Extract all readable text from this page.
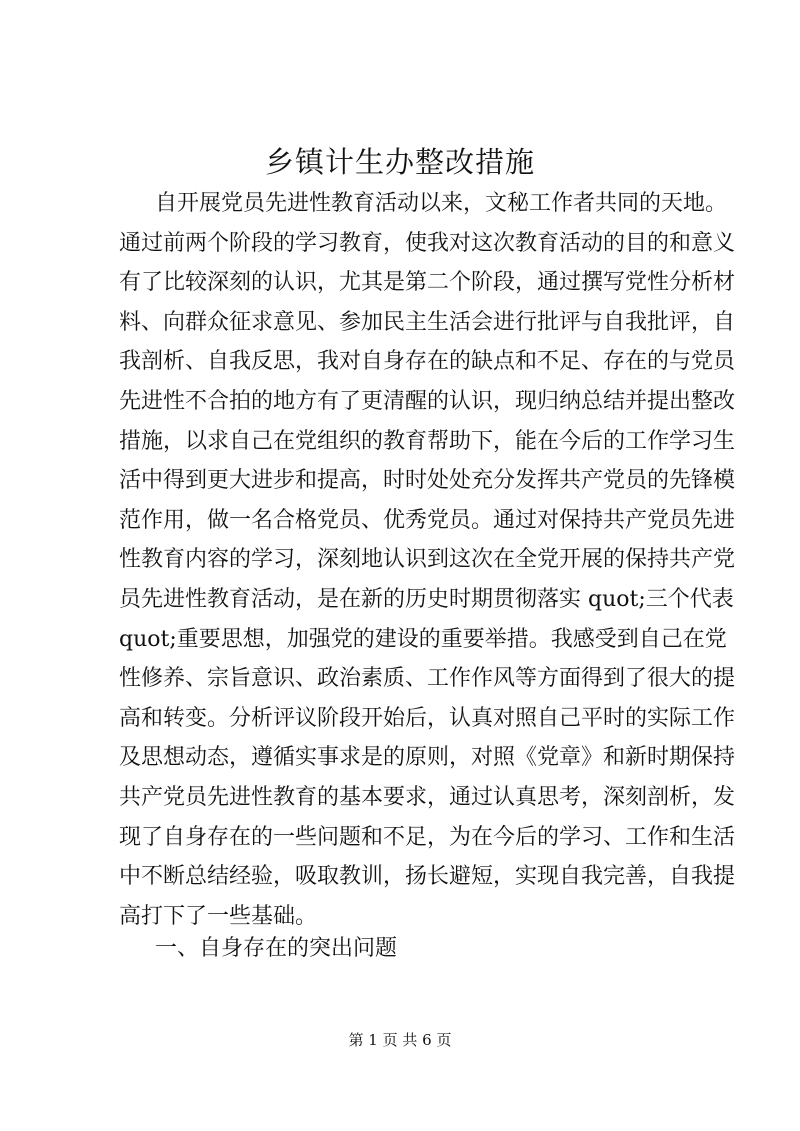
乡镇计生办整改措施
自开展党员先进性教育活动以来，文秘工作者共同的天地。
通过前两个阶段的学习教育，使我对这次教育活动的目的和意义
有了比较深刻的认识，尤其是第二个阶段，通过撰写党性分析材
料、向群众征求意见、参加民主生活会进行批评与自我批评，自
我剖析、自我反思，我对自身存在的缺点和不足、存在的与党员
先进性不合拍的地方有了更清醒的认识，现归纳总结并提出整改
措施，以求自己在党组织的教育帮助下，能在今后的工作学习生
活中得到更大进步和提高，时时处处充分发挥共产党员的先锋模
范作用，做一名合格党员、优秀党员。通过对保持共产党员先进
性教育内容的学习，深刻地认识到这次在全党开展的保持共产党
员先进性教育活动，是在新的历史时期贯彻落实 quot;三个代表
quot;重要思想，加强党的建设的重要举措。我感受到自己在党
性修养、宗旨意识、政治素质、工作作风等方面得到了很大的提
高和转变。分析评议阶段开始后，认真对照自己平时的实际工作
及思想动态，遵循实事求是的原则，对照《党章》和新时期保持
共产党员先进性教育的基本要求，通过认真思考，深刻剖析，发
现了自身存在的一些问题和不足，为在今后的学习、工作和生活
中不断总结经验，吸取教训，扬长避短，实现自我完善，自我提
高打下了一些基础。
一、自身存在的突出问题
第 1 页 共 6 页
